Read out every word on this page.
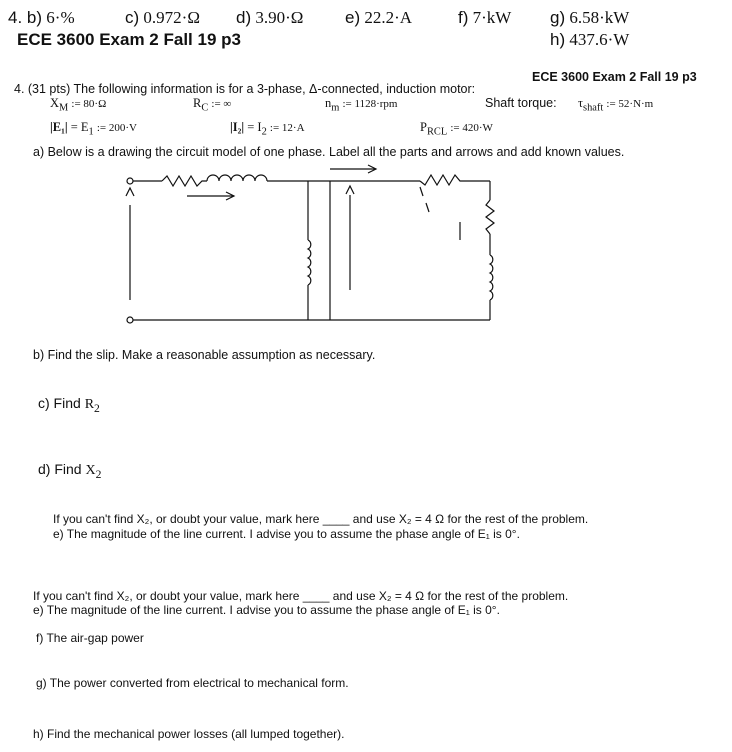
4. b) 6·%	c) 0.972·Ω d) 3.90·Ω e) 22.2·A	f) 7·kW g) 6.58·kW
ECE 3600 Exam 2 Fall 19 p3	h) 437.6·W
ECE 3600 Exam 2 Fall 19 p3
4. (31 pts) The following information is for a 3-phase, Δ-connected, induction motor:
$X_M$ := 80·Ω	$R_C$ := ∞	$n_m$ := 1128·rpm	Shaft torque: $\tau_{shaft}$ := 52·N·m
$|E_1| = E_1$ := 200·V	$|I_2| = I_2$ := 12·A	$P_{RCL}$ := 420·W
a) Below is a drawing the circuit model of one phase. Label all the parts and arrows and add known values.
b) Find the slip. Make a reasonable assumption as necessary.
c) Find $R_2$
d) Find $X_2$
If you can't find X₂, or doubt your value, mark here ____ and use X₂ = 4 Ω for the rest of the problem.
e) The magnitude of the line current. I advise you to assume the phase angle of E₁ is 0°.
If you can't find X₂, or doubt your value, mark here ____ and use X₂ = 4 Ω for the rest of the problem.
e) The magnitude of the line current. I advise you to assume the phase angle of E₁ is 0°.
f) The air-gap power
g) The power converted from electrical to mechanical form.
h) Find the mechanical power losses (all lumped together).
